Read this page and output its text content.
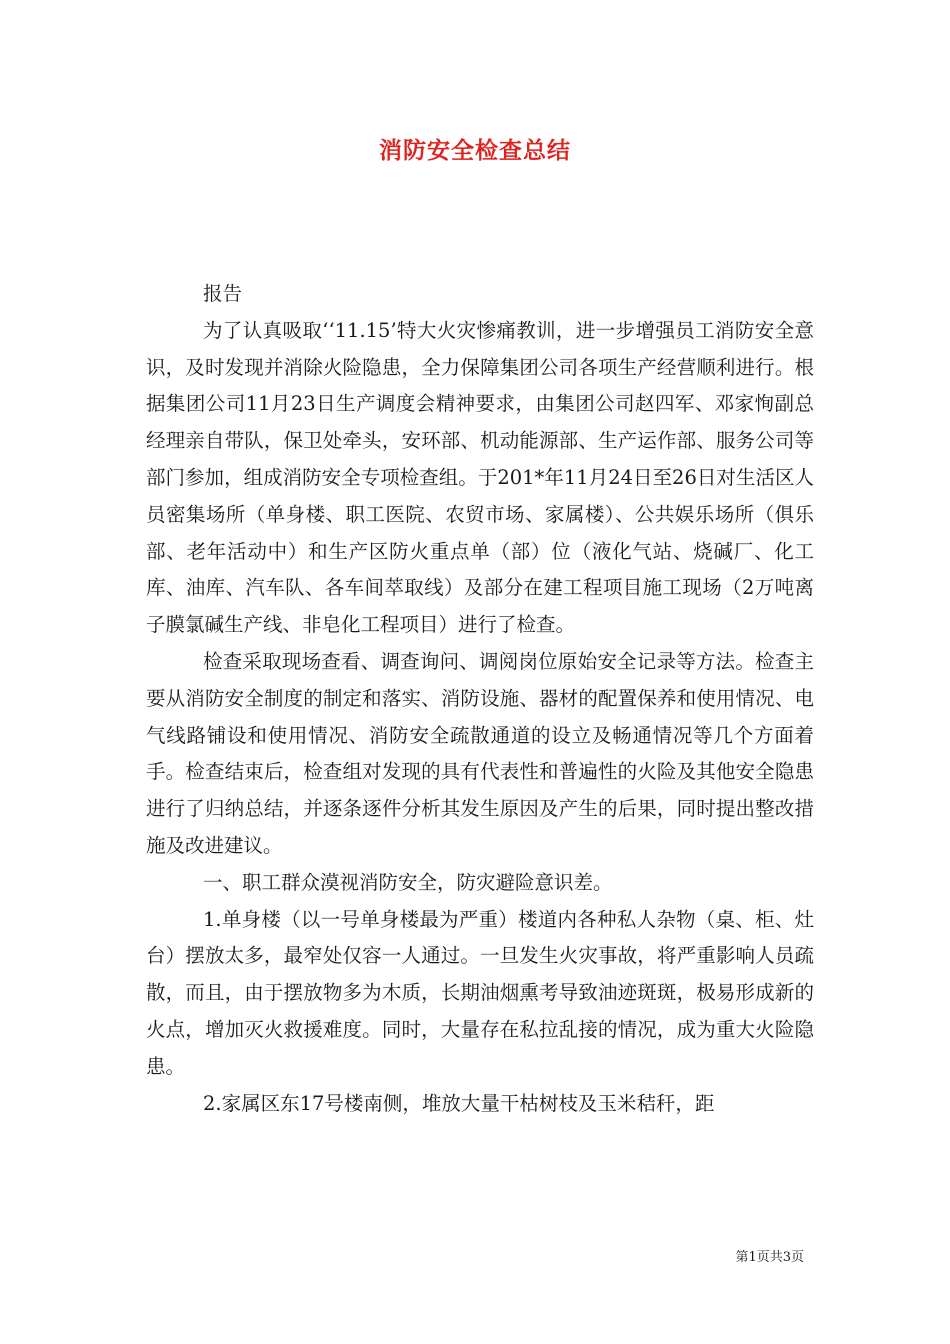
消防安全检查总结

报告

为了认真吸取‘‘11.15’特大火灾惨痛教训，进一步增强员工消防安全意识，及时发现并消除火险隐患，全力保障集团公司各项生产经营顺利进行。根据集团公司11月23日生产调度会精神要求，由集团公司赵四军、邓家恂副总经理亲自带队，保卫处牵头，安环部、机动能源部、生产运作部、服务公司等部门参加，组成消防安全专项检查组。于201*年11月24日至26日对生活区人员密集场所（单身楼、职工医院、农贸市场、家属楼）、公共娱乐场所（俱乐部、老年活动中）和生产区防火重点单（部）位（液化气站、烧碱厂、化工库、油库、汽车队、各车间萃取线）及部分在建工程项目施工现场（2万吨离子膜氯碱生产线、非皂化工程项目）进行了检查。

检查采取现场查看、调查询问、调阅岗位原始安全记录等方法。检查主要从消防安全制度的制定和落实、消防设施、器材的配置保养和使用情况、电气线路铺设和使用情况、消防安全疏散通道的设立及畅通情况等几个方面着手。检查结束后，检查组对发现的具有代表性和普遍性的火险及其他安全隐患进行了归纳总结，并逐条逐件分析其发生原因及产生的后果，同时提出整改措施及改进建议。

一、职工群众漠视消防安全，防灾避险意识差。

1.单身楼（以一号单身楼最为严重）楼道内各种私人杂物（桌、柜、灶台）摆放太多，最窄处仅容一人通过。一旦发生火灾事故，将严重影响人员疏散，而且，由于摆放物多为木质，长期油烟熏考导致油迹斑斑，极易形成新的火点，增加灭火救援难度。同时，大量存在私拉乱接的情况，成为重大火险隐患。

2.家属区东17号楼南侧，堆放大量干枯树枝及玉米秸秆，距

第1页共3页
